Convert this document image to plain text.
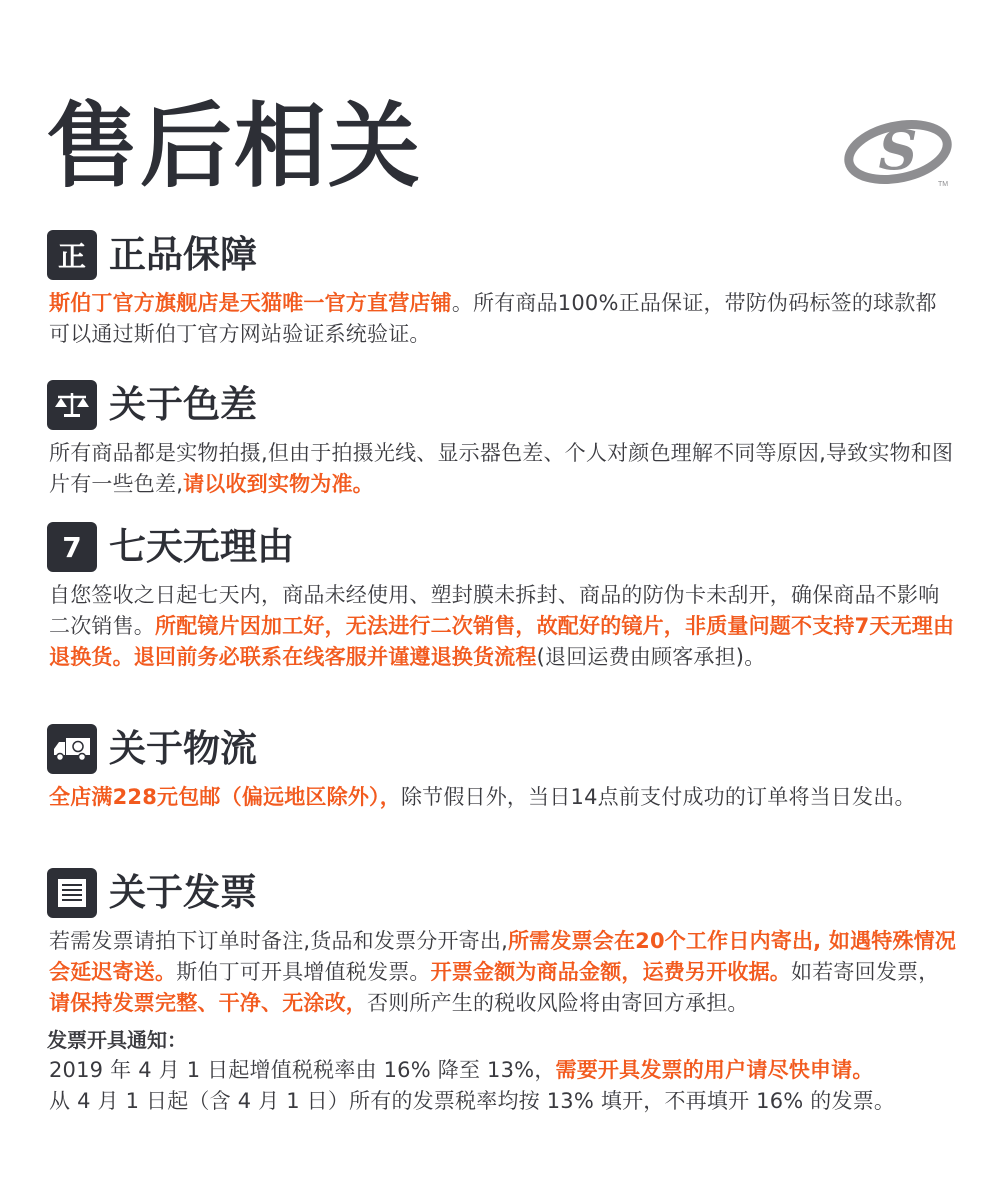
售后相关	S
TM
正 正品保障

斯伯丁官方旗舰店是天猫唯一官方直营店铺。所有商品100%正品保证，带防伪码标签的球款都可以通过斯伯丁官方网站验证系统验证。

关于色差

所有商品都是实物拍摄,但由于拍摄光线、显示器色差、个人对颜色理解不同等原因,导致实物和图片有一些色差,请以收到实物为准。

7 七天无理由

自您签收之日起七天内，商品未经使用、塑封膜未拆封、商品的防伪卡未刮开，确保商品不影响二次销售。所配镜片因加工好，无法进行二次销售，故配好的镜片，非质量问题不支持7天无理由退换货。退回前务必联系在线客服并谨遵退换货流程(退回运费由顾客承担)。

关于物流

全店满228元包邮（偏远地区除外），除节假日外，当日14点前支付成功的订单将当日发出。

关于发票

若需发票请拍下订单时备注,货品和发票分开寄出,所需发票会在20个工作日内寄出, 如遇特殊情况会延迟寄送。斯伯丁可开具增值税发票。开票金额为商品金额，运费另开收据。如若寄回发票，请保持发票完整、干净、无涂改，否则所产生的税收风险将由寄回方承担。

发票开具通知：

2019 年 4 月 1 日起增值税税率由 16% 降至 13%，需要开具发票的用户请尽快申请。
从 4 月 1 日起（含 4 月 1 日）所有的发票税率均按 13% 填开，不再填开 16% 的发票。
